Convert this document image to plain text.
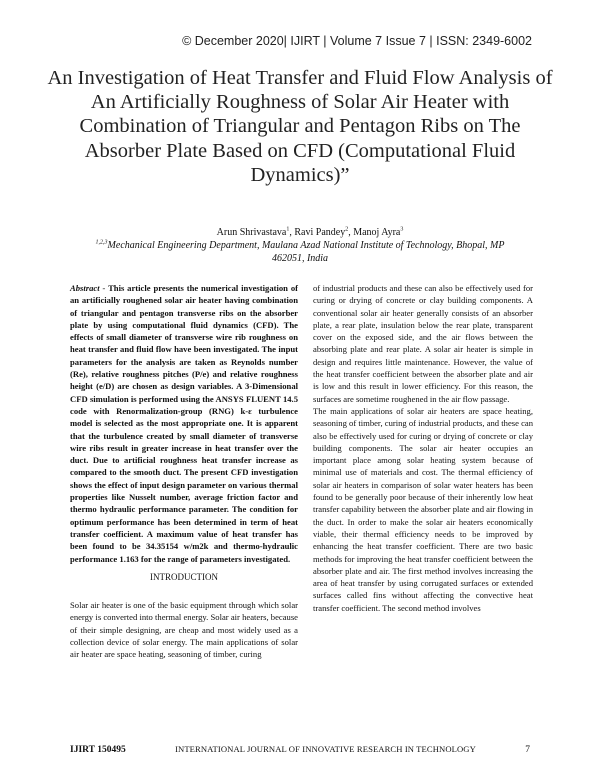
© December 2020| IJIRT | Volume 7 Issue 7 | ISSN: 2349-6002
An Investigation of Heat Transfer and Fluid Flow Analysis of An Artificially Roughness of Solar Air Heater with Combination of Triangular and Pentagon Ribs on The Absorber Plate Based on CFD (Computational Fluid Dynamics)”
Arun Shrivastava$^1$, Ravi Pandey$^2$, Manoj Ayra$^3$
$^{1,2,3}$Mechanical Engineering Department, Maulana Azad National Institute of Technology, Bhopal, MP
462051, India

Abstract - This article presents the numerical investigation of an artificially roughened solar air heater having combination of triangular and pentagon transverse ribs on the absorber plate by using computational fluid dynamics (CFD). The effects of small diameter of transverse wire rib roughness on heat transfer and fluid flow have been investigated. The input parameters for the analysis are taken as Reynolds number (Re), relative roughness pitches (P/e) and relative roughness height (e/D) are chosen as design variables. A 3-Dimensional CFD simulation is performed using the ANSYS FLUENT 14.5 code with Renormalization-group (RNG) k-ε turbulence model is selected as the most appropriate one. It is apparent that the turbulence created by small diameter of transverse wire ribs result in greater increase in heat transfer over the duct. Due to artificial roughness heat transfer increase as compared to the smooth duct. The present CFD investigation shows the effect of input design parameter on various thermal properties like Nusselt number, average friction factor and thermo hydraulic performance parameter. The condition for optimum performance has been determined in term of heat transfer coefficient. A maximum value of heat transfer has been found to be 34.35154 w/m2k and thermo-hydraulic performance 1.163 for the range of parameters investigated.

INTRODUCTION

Solar air heater is one of the basic equipment through which solar energy is converted into thermal energy. Solar air heaters, because of their simple designing, are cheap and most widely used as a collection device of solar energy. The main applications of solar air heater are space heating, seasoning of timber, curing

of industrial products and these can also be effectively used for curing or drying of concrete or clay building components. A conventional solar air heater generally consists of an absorber plate, a rear plate, insulation below the rear plate, transparent cover on the exposed side, and the air flows between the absorbing plate and rear plate. A solar air heater is simple in design and requires little maintenance. However, the value of the heat transfer coefficient between the absorber plate and air is low and this result in lower efficiency. For this reason, the surfaces are sometime roughened in the air flow passage.

The main applications of solar air heaters are space heating, seasoning of timber, curing of industrial products, and these can also be effectively used for curing or drying of concrete or clay building components. The solar air heater occupies an important place among solar heating system because of minimal use of materials and cost. The thermal efficiency of solar air heaters in comparison of solar water heaters has been found to be generally poor because of their inherently low heat transfer capability between the absorber plate and air flowing in the duct. In order to make the solar air heaters economically viable, their thermal efficiency needs to be improved by enhancing the heat transfer coefficient. There are two basic methods for improving the heat transfer coefficient between the absorber plate and air. The first method involves increasing the area of heat transfer by using corrugated surfaces or extended surfaces called fins without affecting the convective heat transfer coefficient. The second method involves

IJIRT 150495	INTERNATIONAL JOURNAL OF INNOVATIVE RESEARCH IN TECHNOLOGY	7
